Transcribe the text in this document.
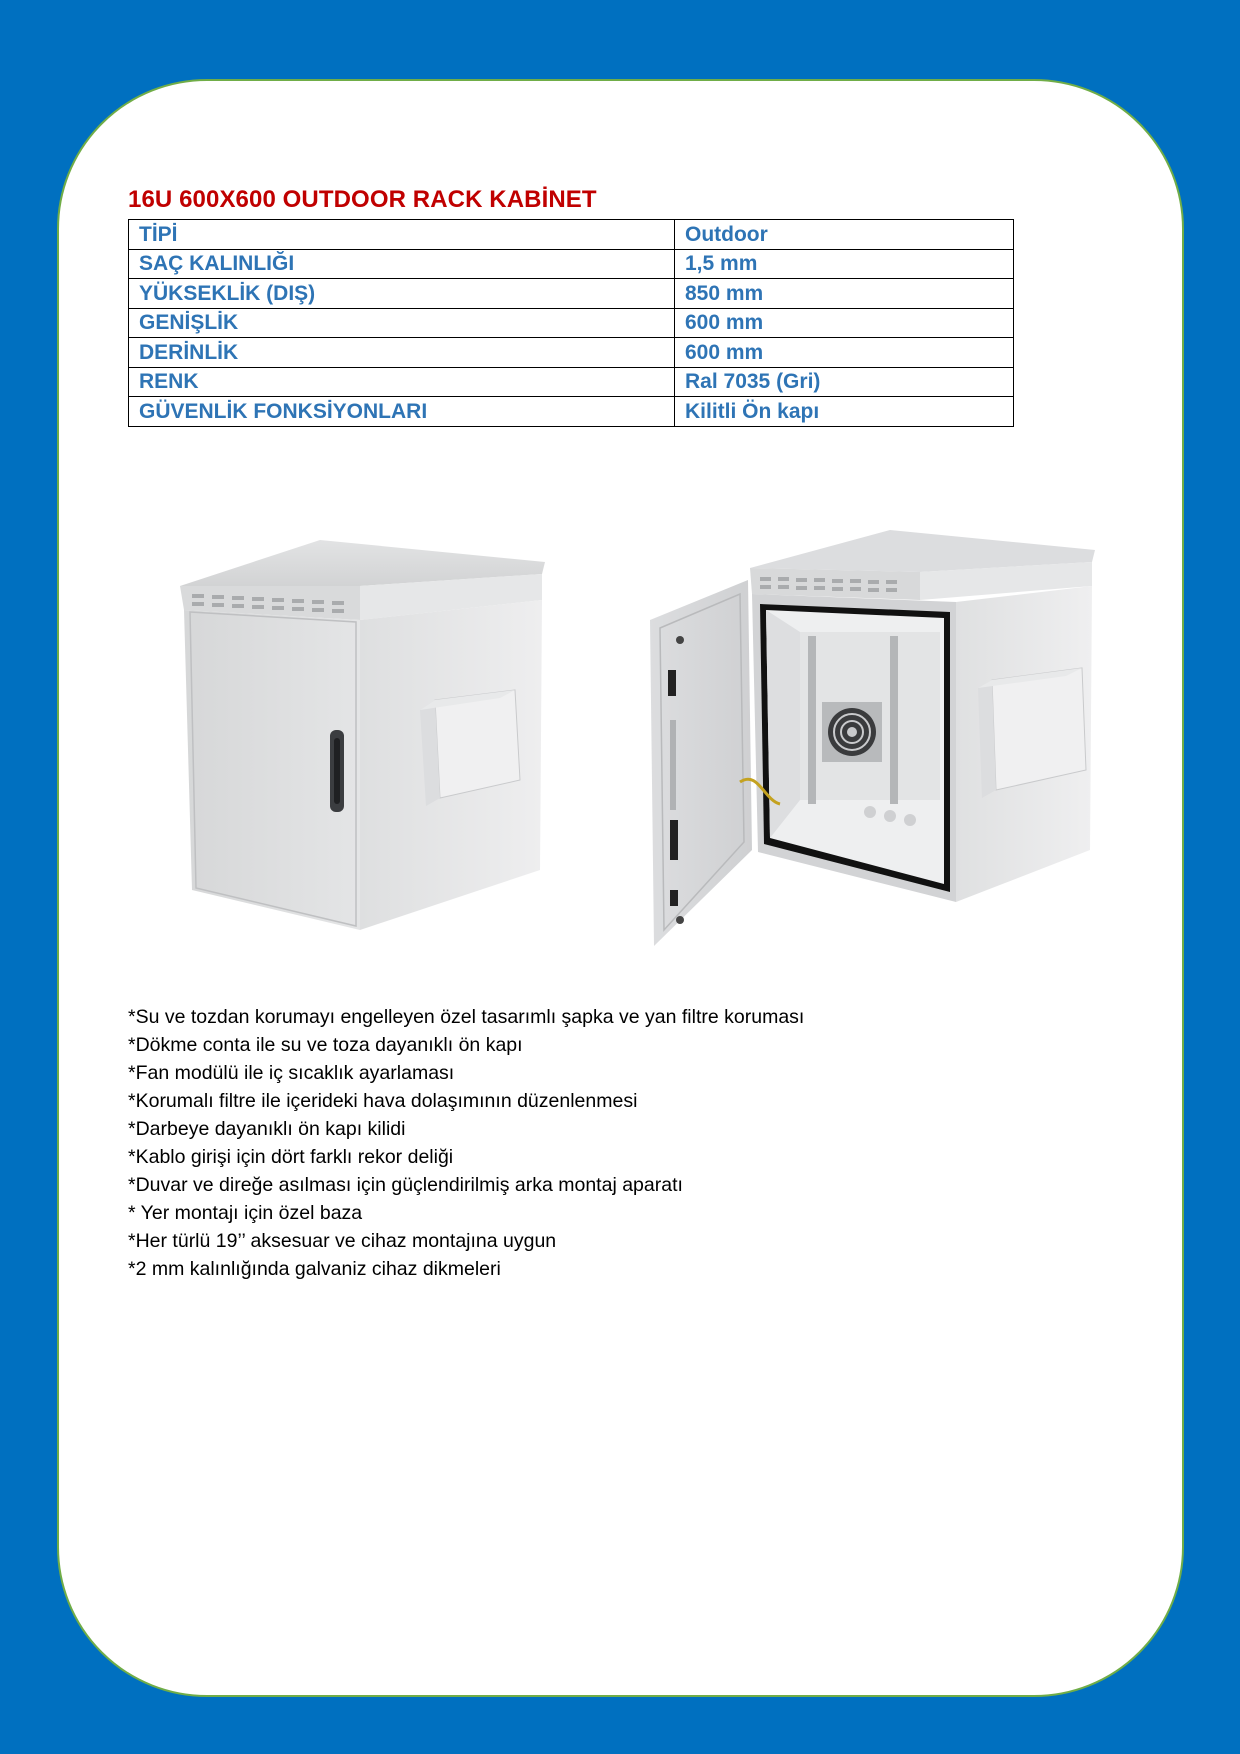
16U 600X600 OUTDOOR RACK KABİNET
TİPİ	Outdoor
SAÇ KALINLIĞI	1,5 mm
YÜKSEKLİK (DIŞ)	850 mm
GENİŞLİK	600 mm
DERİNLİK	600 mm
RENK	Ral 7035 (Gri)
GÜVENLİK FONKSİYONLARI	Kilitli Ön kapı
*Su ve tozdan korumayı engelleyen özel tasarımlı şapka ve yan filtre koruması
*Dökme conta ile su ve toza dayanıklı ön kapı
*Fan modülü ile iç sıcaklık ayarlaması
*Korumalı filtre ile içerideki hava dolaşımının düzenlenmesi
*Darbeye dayanıklı ön kapı kilidi
*Kablo girişi için dört farklı rekor deliği
*Duvar ve direğe asılması için güçlendirilmiş arka montaj aparatı
* Yer montajı için özel baza
*Her türlü 19’’ aksesuar ve cihaz montajına uygun
*2 mm kalınlığında galvaniz cihaz dikmeleri
